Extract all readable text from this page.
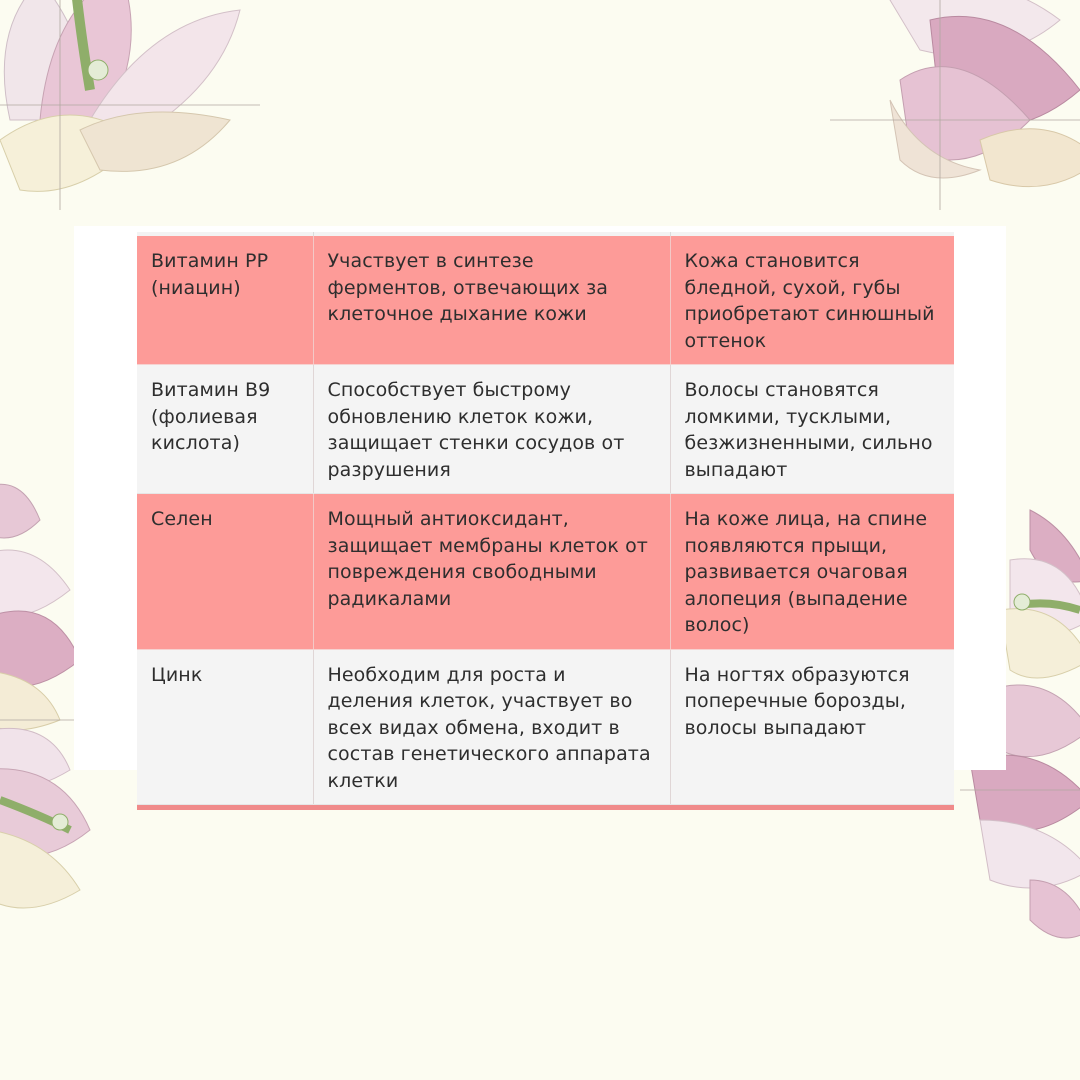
Витамин PP (ниацин)	Участвует в синтезе ферментов, отвечающих за клеточное дыхание кожи	Кожа становится бледной, сухой, губы приобретают синюшный оттенок
Витамин B9 (фолиевая кислота)	Способствует быстрому обновлению клеток кожи, защищает стенки сосудов от разрушения	Волосы становятся ломкими, тусклыми, безжизненными, сильно выпадают
Селен	Мощный антиоксидант, защищает мембраны клеток от повреждения свободными радикалами	На коже лица, на спине появляются прыщи, развивается очаговая алопеция (выпадение волос)
Цинк	Необходим для роста и деления клеток, участвует во всех видах обмена, входит в состав генетического аппарата клетки	На ногтях образуются поперечные борозды, волосы выпадают
